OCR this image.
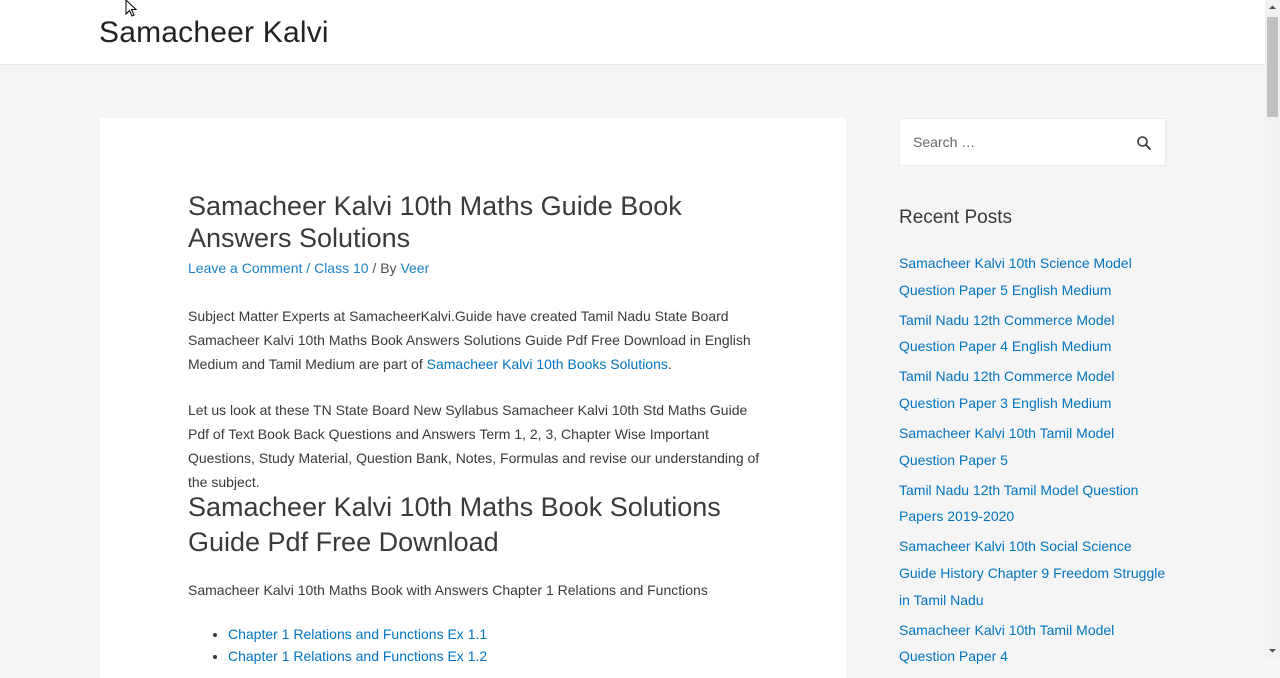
Samacheer Kalvi
Samacheer Kalvi 10th Maths Guide Book Answers Solutions
Leave a Comment / Class 10 / By Veer

Subject Matter Experts at SamacheerKalvi.Guide have created Tamil Nadu State Board Samacheer Kalvi 10th Maths Book Answers Solutions Guide Pdf Free Download in English Medium and Tamil Medium are part of Samacheer Kalvi 10th Books Solutions.

Let us look at these TN State Board New Syllabus Samacheer Kalvi 10th Std Maths Guide Pdf of Text Book Back Questions and Answers Term 1, 2, 3, Chapter Wise Important Questions, Study Material, Question Bank, Notes, Formulas and revise our understanding of the subject.

Samacheer Kalvi 10th Maths Book Solutions Guide Pdf Free Download

Samacheer Kalvi 10th Maths Book with Answers Chapter 1 Relations and Functions

• Chapter 1 Relations and Functions Ex 1.1
• Chapter 1 Relations and Functions Ex 1.2
Search …
Recent Posts
Samacheer Kalvi 10th Science Model Question Paper 5 English Medium
Tamil Nadu 12th Commerce Model Question Paper 4 English Medium
Tamil Nadu 12th Commerce Model Question Paper 3 English Medium
Samacheer Kalvi 10th Tamil Model Question Paper 5
Tamil Nadu 12th Tamil Model Question Papers 2019-2020
Samacheer Kalvi 10th Social Science Guide History Chapter 9 Freedom Struggle in Tamil Nadu
Samacheer Kalvi 10th Tamil Model Question Paper 4
